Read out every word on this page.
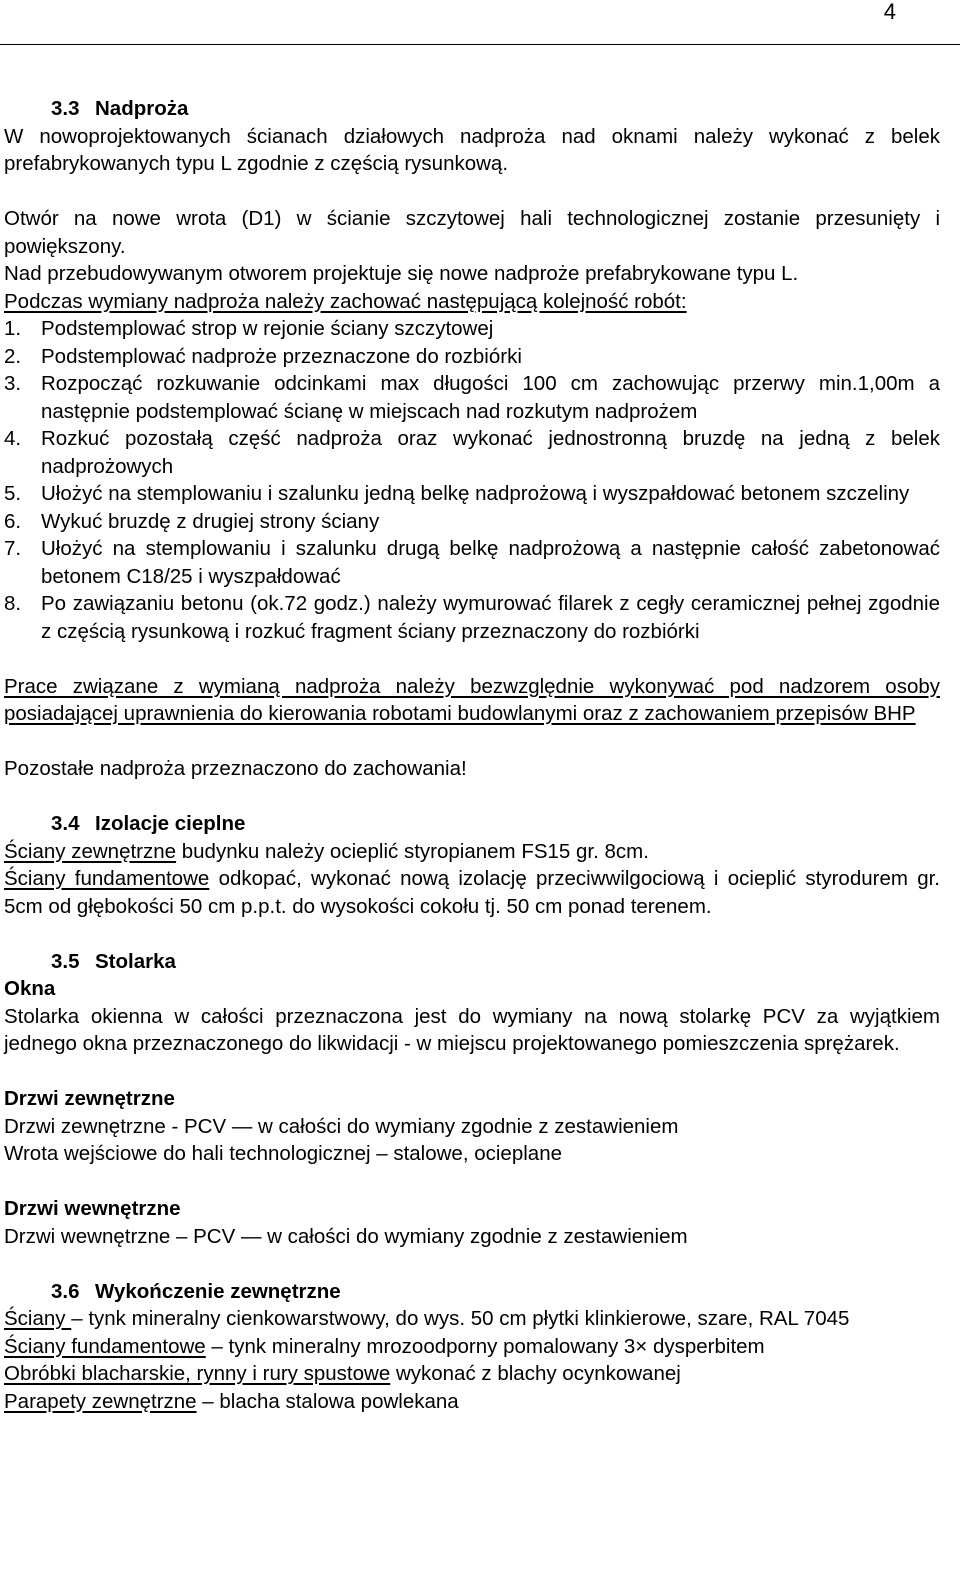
4

3.3 Nadproża

W nowoprojektowanych ścianach działowych nadproża nad oknami należy wykonać z belek prefabrykowanych typu L zgodnie z częścią rysunkową.

Otwór na nowe wrota (D1) w ścianie szczytowej hali technologicznej zostanie przesunięty i powiększony.

Nad przebudowywanym otworem projektuje się nowe nadproże prefabrykowane typu L.

Podczas wymiany nadproża należy zachować następującą kolejność robót:

1. Podstemplować strop w rejonie ściany szczytowej
2. Podstemplować nadproże przeznaczone do rozbiórki
3. Rozpocząć rozkuwanie odcinkami max długości 100 cm zachowując przerwy min.1,00m a następnie podstemplować ścianę w miejscach nad rozkutym nadprożem
4. Rozkuć pozostałą część nadproża oraz wykonać jednostronną bruzdę na jedną z belek nadprożowych
5. Ułożyć na stemplowaniu i szalunku jedną belkę nadprożową i wyszpałdować betonem szczeliny
6. Wykuć bruzdę z drugiej strony ściany
7. Ułożyć na stemplowaniu i szalunku drugą belkę nadprożową a następnie całość zabetonować betonem C18/25 i wyszpałdować
8. Po zawiązaniu betonu (ok.72 godz.) należy wymurować filarek z cegły ceramicznej pełnej zgodnie z częścią rysunkową i rozkuć fragment ściany przeznaczony do rozbiórki

Prace związane z wymianą nadproża należy bezwzględnie wykonywać pod nadzorem osoby posiadającej uprawnienia do kierowania robotami budowlanymi oraz z zachowaniem przepisów BHP

Pozostałe nadproża przeznaczono do zachowania!

3.4 Izolacje cieplne

Ściany zewnętrzne budynku należy ocieplić styropianem FS15 gr. 8cm.

Ściany fundamentowe odkopać, wykonać nową izolację przeciwwilgociową i ocieplić styrodurem gr. 5cm od głębokości 50 cm p.p.t. do wysokości cokołu tj. 50 cm ponad terenem.

3.5 Stolarka

Okna

Stolarka okienna w całości przeznaczona jest do wymiany na nową stolarkę PCV za wyjątkiem jednego okna przeznaczonego do likwidacji - w miejscu projektowanego pomieszczenia sprężarek.

Drzwi zewnętrzne

Drzwi zewnętrzne - PCV — w całości do wymiany zgodnie z zestawieniem

Wrota wejściowe do hali technologicznej – stalowe, ocieplane

Drzwi wewnętrzne

Drzwi wewnętrzne – PCV — w całości do wymiany zgodnie z zestawieniem

3.6 Wykończenie zewnętrzne

Ściany – tynk mineralny cienkowarstwowy, do wys. 50 cm płytki klinkierowe, szare, RAL 7045

Ściany fundamentowe – tynk mineralny mrozoodporny pomalowany 3× dysperbitem

Obróbki blacharskie, rynny i rury spustowe wykonać z blachy ocynkowanej

Parapety zewnętrzne – blacha stalowa powlekana
